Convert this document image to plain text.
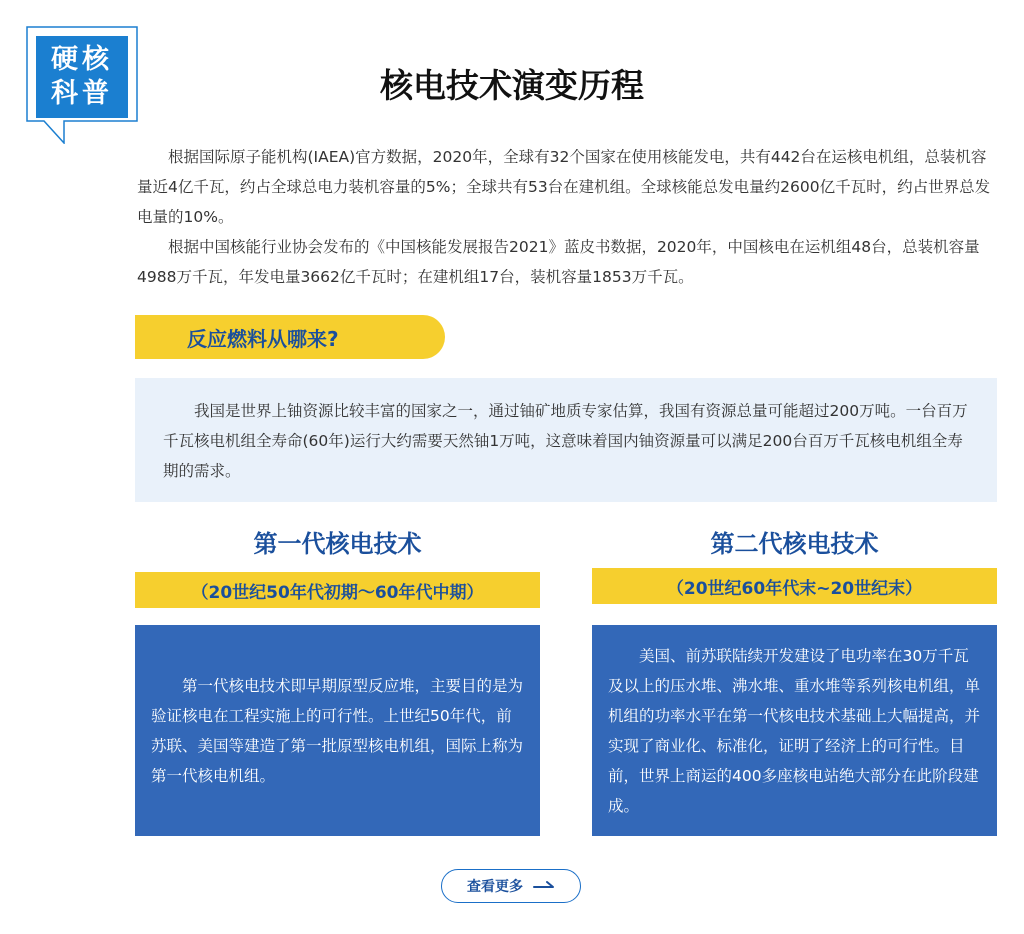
硬核
科普	核电技术演变历程

根据国际原子能机构(IAEA)官方数据，2020年，全球有32个国家在使用核能发电，共有442台在运核电机组，总装机容量近4亿千瓦，约占全球总电力装机容量的5%；全球共有53台在建机组。全球核能总发电量约2600亿千瓦时，约占世界总发电量的10%。

根据中国核能行业协会发布的《中国核能发展报告2021》蓝皮书数据，2020年，中国核电在运机组48台，总装机容量4988万千瓦，年发电量3662亿千瓦时；在建机组17台，装机容量1853万千瓦。

反应燃料从哪来?

我国是世界上铀资源比较丰富的国家之一，通过铀矿地质专家估算，我国有资源总量可能超过200万吨。一台百万千瓦核电机组全寿命(60年)运行大约需要天然铀1万吨，这意味着国内铀资源量可以满足200台百万千瓦核电机组全寿期的需求。

第一代核电技术
（20世纪50年代初期～60年代中期）

第一代核电技术即早期原型反应堆，主要目的是为验证核电在工程实施上的可行性。上世纪50年代，前苏联、美国等建造了第一批原型核电机组，国际上称为第一代核电机组。

第二代核电技术
（20世纪60年代末~20世纪末）

美国、前苏联陆续开发建设了电功率在30万千瓦及以上的压水堆、沸水堆、重水堆等系列核电机组，单机组的功率水平在第一代核电技术基础上大幅提高，并实现了商业化、标准化，证明了经济上的可行性。目前，世界上商运的400多座核电站绝大部分在此阶段建成。

查看更多
